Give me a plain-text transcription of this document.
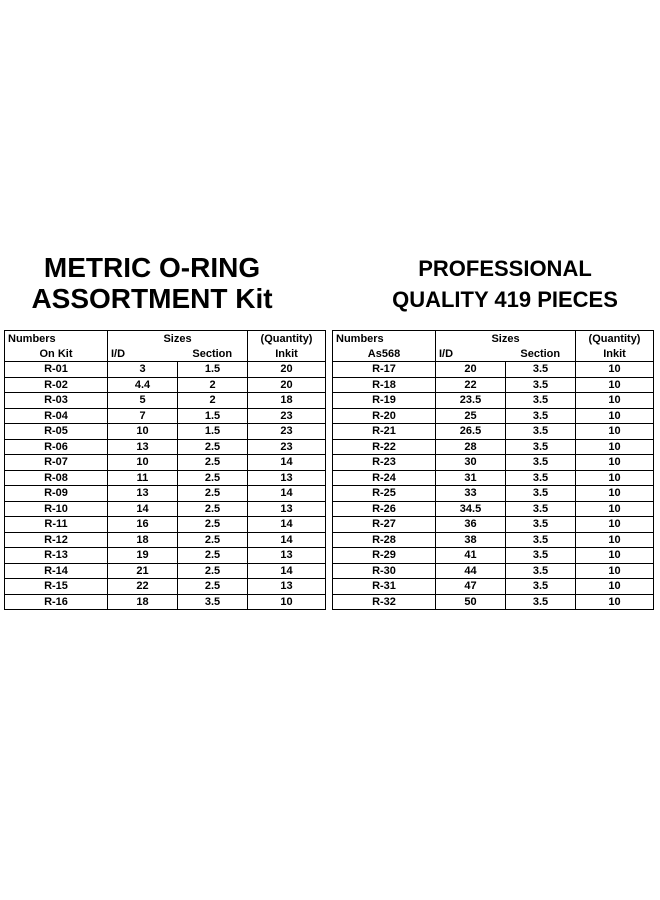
METRIC O-RING
ASSORTMENT Kit
PROFESSIONAL
QUALITY 419 PIECES
Numbers	Sizes		(Quantity)
On Kit	I/D	Section	Inkit
R-01	3	1.5	20
R-02	4.4	2	20
R-03	5	2	18
R-04	7	1.5	23
R-05	10	1.5	23
R-06	13	2.5	23
R-07	10	2.5	14
R-08	11	2.5	13
R-09	13	2.5	14
R-10	14	2.5	13
R-11	16	2.5	14
R-12	18	2.5	14
R-13	19	2.5	13
R-14	21	2.5	14
R-15	22	2.5	13
R-16	18	3.5	10
Numbers	Sizes		(Quantity)
As568	I/D	Section	Inkit
R-17	20	3.5	10
R-18	22	3.5	10
R-19	23.5	3.5	10
R-20	25	3.5	10
R-21	26.5	3.5	10
R-22	28	3.5	10
R-23	30	3.5	10
R-24	31	3.5	10
R-25	33	3.5	10
R-26	34.5	3.5	10
R-27	36	3.5	10
R-28	38	3.5	10
R-29	41	3.5	10
R-30	44	3.5	10
R-31	47	3.5	10
R-32	50	3.5	10
